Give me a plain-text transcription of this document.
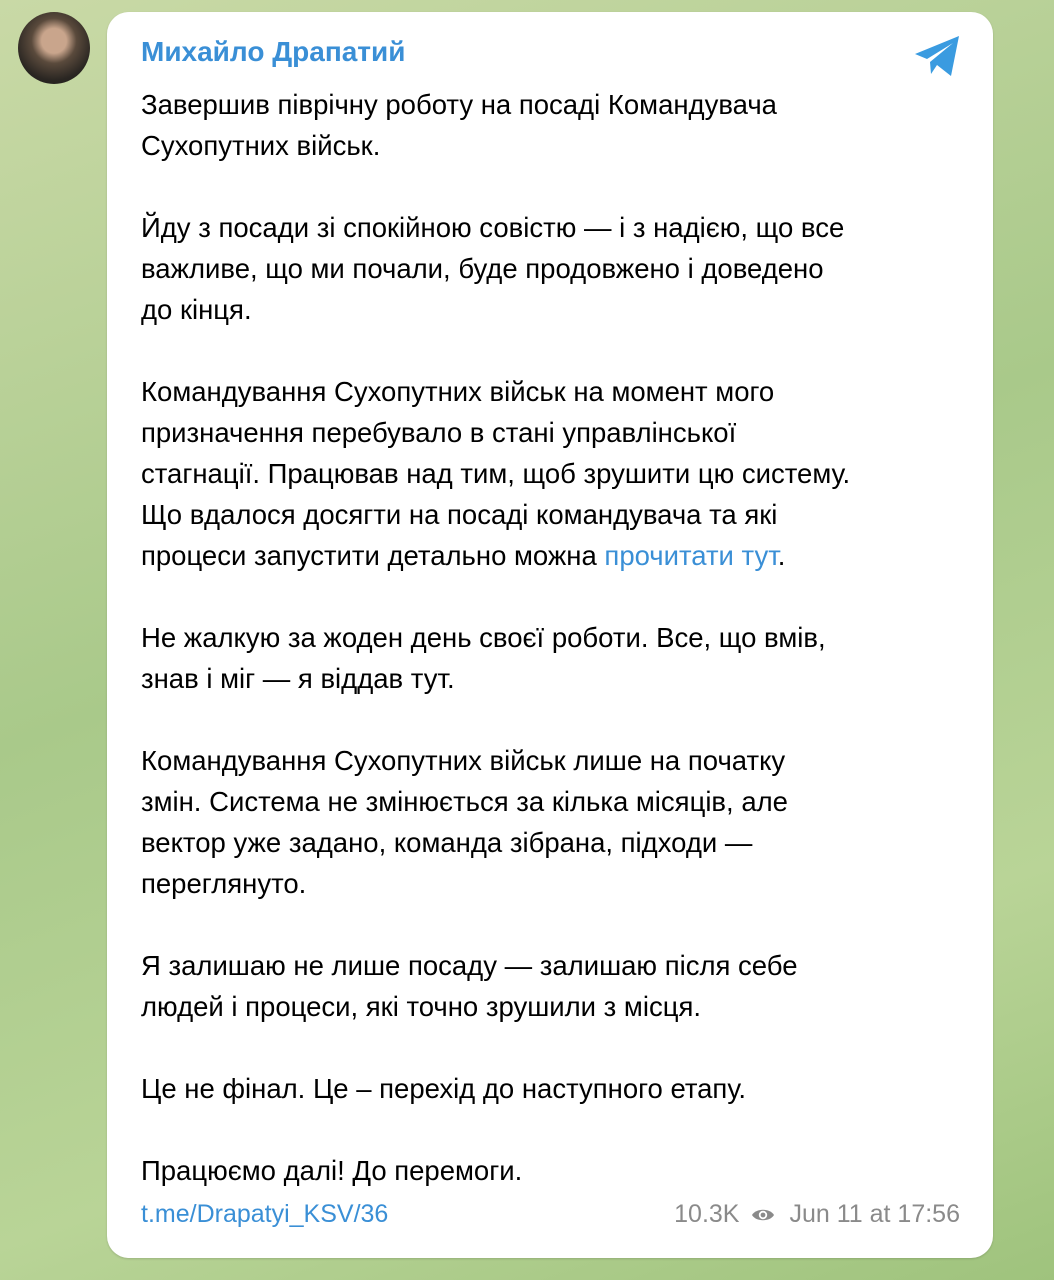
Михайло Драпатий
Завершив піврічну роботу на посаді Командувача
Сухопутних військ.
Йду з посади зі спокійною совістю — і з надією, що все
важливе, що ми почали, буде продовжено і доведено
до кінця.
Командування Сухопутних військ на момент мого
призначення перебувало в стані управлінської
стагнації. Працював над тим, щоб зрушити цю систему.
Що вдалося досягти на посаді командувача та які
процеси запустити детально можна прочитати тут.
Не жалкую за жоден день своєї роботи. Все, що вмів,
знав і міг — я віддав тут.
Командування Сухопутних військ лише на початку
змін. Система не змінюється за кілька місяців, але
вектор уже задано, команда зібрана, підходи —
переглянуто.
Я залишаю не лише посаду — залишаю після себе
людей і процеси, які точно зрушили з місця.
Це не фінал. Це – перехід до наступного етапу.
Працюємо далі! До перемоги.
t.me/Drapatyi_KSV/36	10.3K Jun 11 at 17:56
